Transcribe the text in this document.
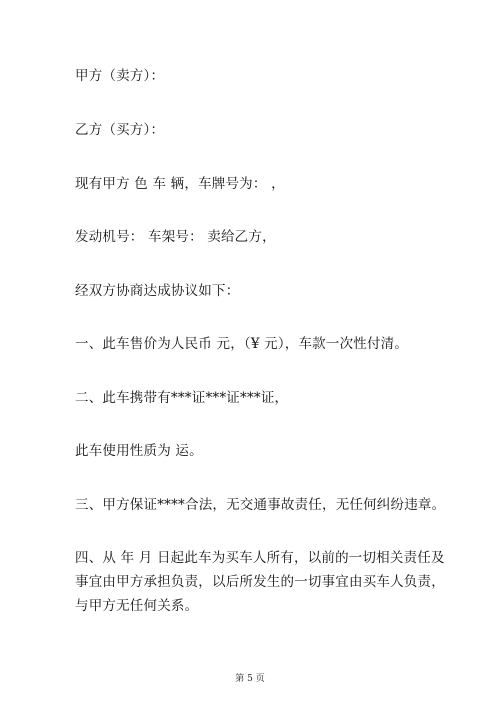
甲方（卖方）：
乙方（买方）：
现有甲方 色 车 辆，车牌号为： ，
发动机号： 车架号： 卖给乙方，
经双方协商达成协议如下：
一、此车售价为人民币 元，（¥ 元），车款一次性付清。
二、此车携带有***证***证***证，
此车使用性质为 运。
三、甲方保证****合法，无交通事故责任，无任何纠纷违章。
四、从 年 月 日起此车为买车人所有，以前的一切相关责任及
事宜由甲方承担负责，以后所发生的一切事宜由买车人负责，
与甲方无任何关系。
第 5 页
